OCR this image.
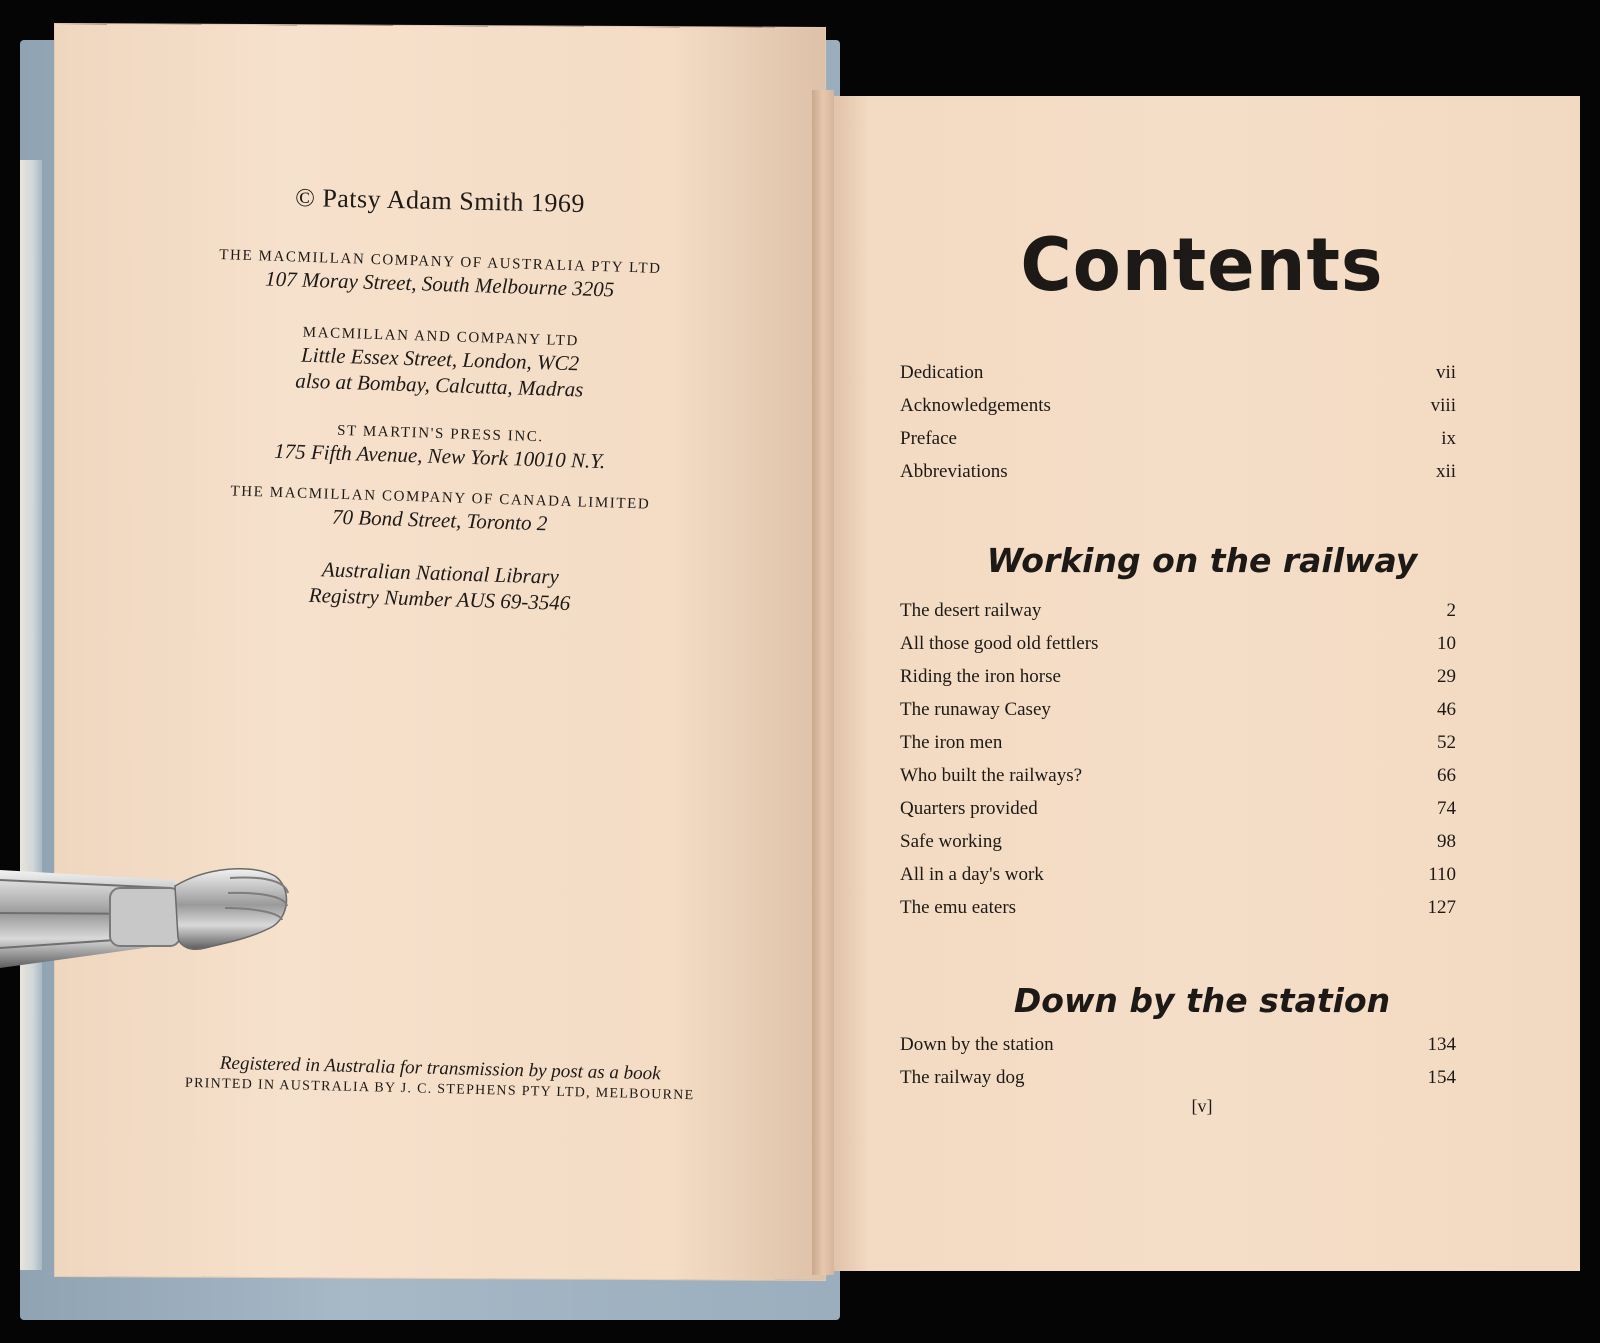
© Patsy Adam Smith 1969
THE MACMILLAN COMPANY OF AUSTRALIA PTY LTD
107 Moray Street, South Melbourne 3205
MACMILLAN AND COMPANY LTD
Little Essex Street, London, WC2
also at Bombay, Calcutta, Madras
ST MARTIN'S PRESS INC.
175 Fifth Avenue, New York 10010 N.Y.
THE MACMILLAN COMPANY OF CANADA LIMITED
70 Bond Street, Toronto 2
Australian National Library
Registry Number AUS 69-3546
Registered in Australia for transmission by post as a book
PRINTED IN AUSTRALIA BY J. C. STEPHENS PTY LTD, MELBOURNE
Contents
Dedication	vii
Acknowledgements	viii
Preface	ix
Abbreviations	xii
Working on the railway
The desert railway	2
All those good old fettlers	10
Riding the iron horse	29
The runaway Casey	46
The iron men	52
Who built the railways?	66
Quarters provided	74
Safe working	98
All in a day's work	110
The emu eaters	127
Down by the station
Down by the station	134
The railway dog	154
[v]
